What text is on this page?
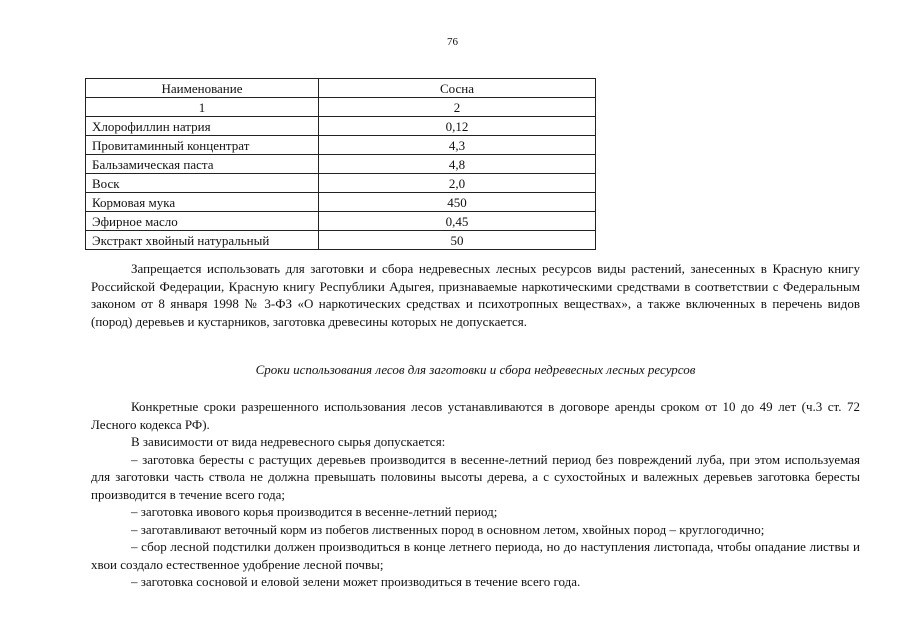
76
Наименование	Сосна
1	2
Хлорофиллин натрия	0,12
Провитаминный концентрат	4,3
Бальзамическая паста	4,8
Воск	2,0
Кормовая мука	450
Эфирное масло	0,45
Экстракт хвойный натуральный	50

Запрещается использовать для заготовки и сбора недревесных лесных ресурсов виды растений, занесенных в Красную книгу Российской Федерации, Красную книгу Республики Адыгея, признаваемые наркотическими средствами в соответствии с Федеральным законом от 8 января 1998 № 3-ФЗ «О наркотических средствах и психотропных веществах», а также включенных в перечень видов (пород) деревьев и кустарников, заготовка древесины которых не допускается.

Сроки использования лесов для заготовки и сбора недревесных лесных ресурсов

Конкретные сроки разрешенного использования лесов устанавливаются в договоре аренды сроком от 10 до 49 лет (ч.3 ст. 72 Лесного кодекса РФ).

В зависимости от вида недревесного сырья допускается:

– заготовка бересты с растущих деревьев производится в весенне-летний период без повреждений луба, при этом используемая для заготовки часть ствола не должна превышать половины высоты дерева, а с сухостойных и валежных деревьев заготовка бересты производится в течение всего года;

– заготовка ивового корья производится в весенне-летний период;

– заготавливают веточный корм из побегов лиственных пород в основном летом, хвойных пород – круглогодично;

– сбор лесной подстилки должен производиться в конце летнего периода, но до наступления листопада, чтобы опадание листвы и хвои создало естественное удобрение лесной почвы;

– заготовка сосновой и еловой зелени может производиться в течение всего года.
